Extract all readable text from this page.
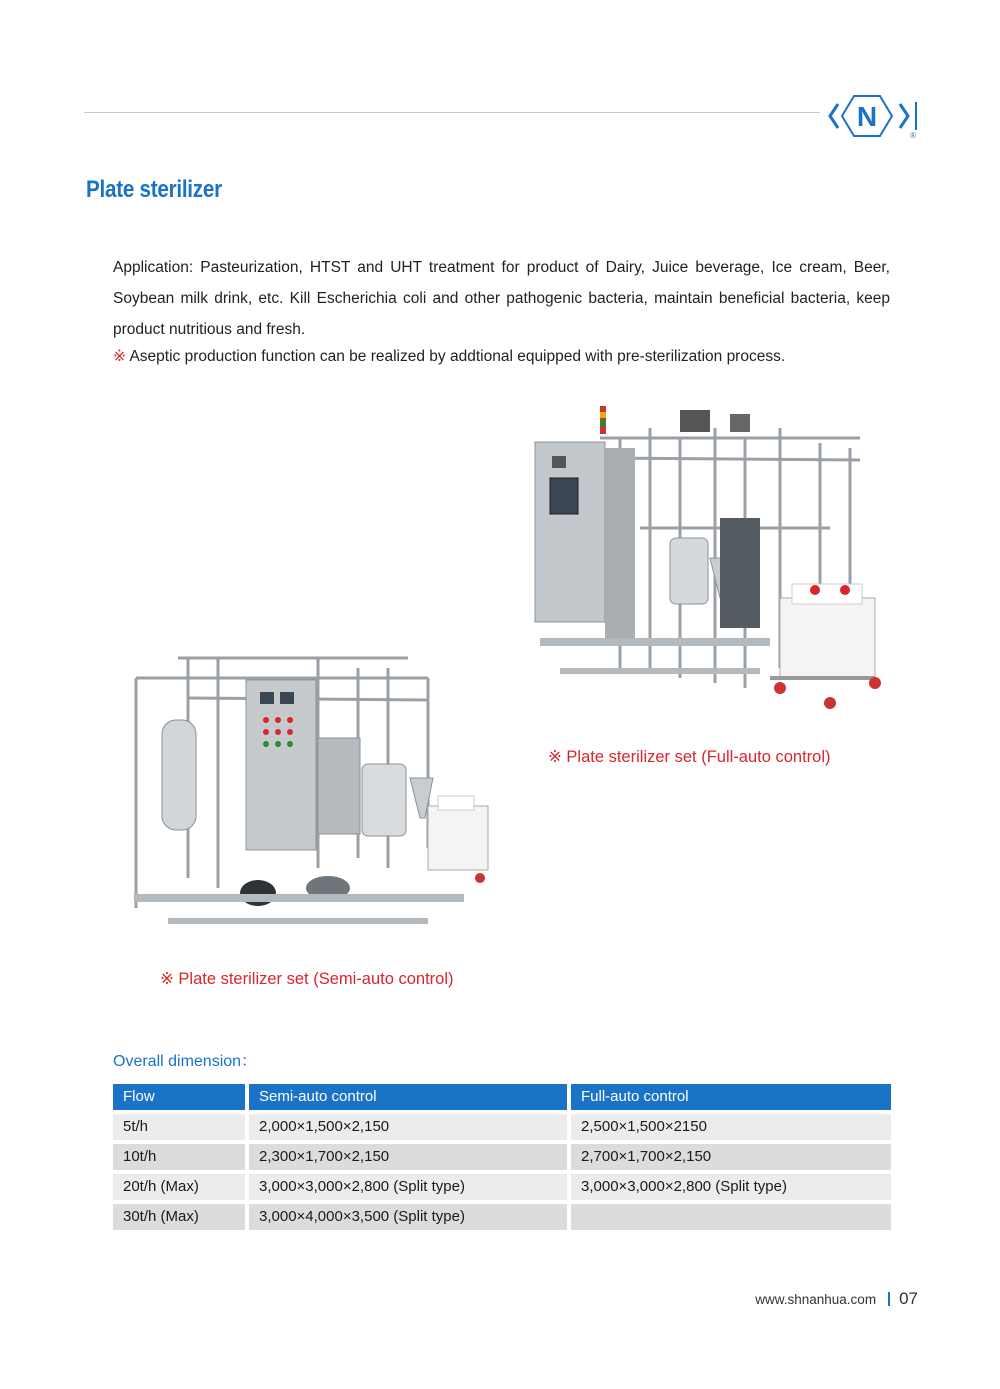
N
®
Plate sterilizer

Application: Pasteurization, HTST and UHT treatment for product of Dairy, Juice beverage, Ice cream, Beer, Soybean milk drink, etc. Kill Escherichia coli and other pathogenic bacteria, maintain beneficial bacteria, keep product nutritious and fresh.

※ Aseptic production function can be realized by addtional equipped with pre-sterilization process.

※ Plate sterilizer set (Full-auto control)
※ Plate sterilizer set (Semi-auto control)
Overall dimension：
Flow	Semi-auto control	Full-auto control
5t/h	2,000×1,500×2,150	2,500×1,500×2150
10t/h	2,300×1,700×2,150	2,700×1,700×2,150
20t/h (Max)	3,000×3,000×2,800 (Split type)	3,000×3,000×2,800 (Split type)
30t/h (Max)	3,000×4,000×3,500 (Split type)
www.shnanhua.com 07
